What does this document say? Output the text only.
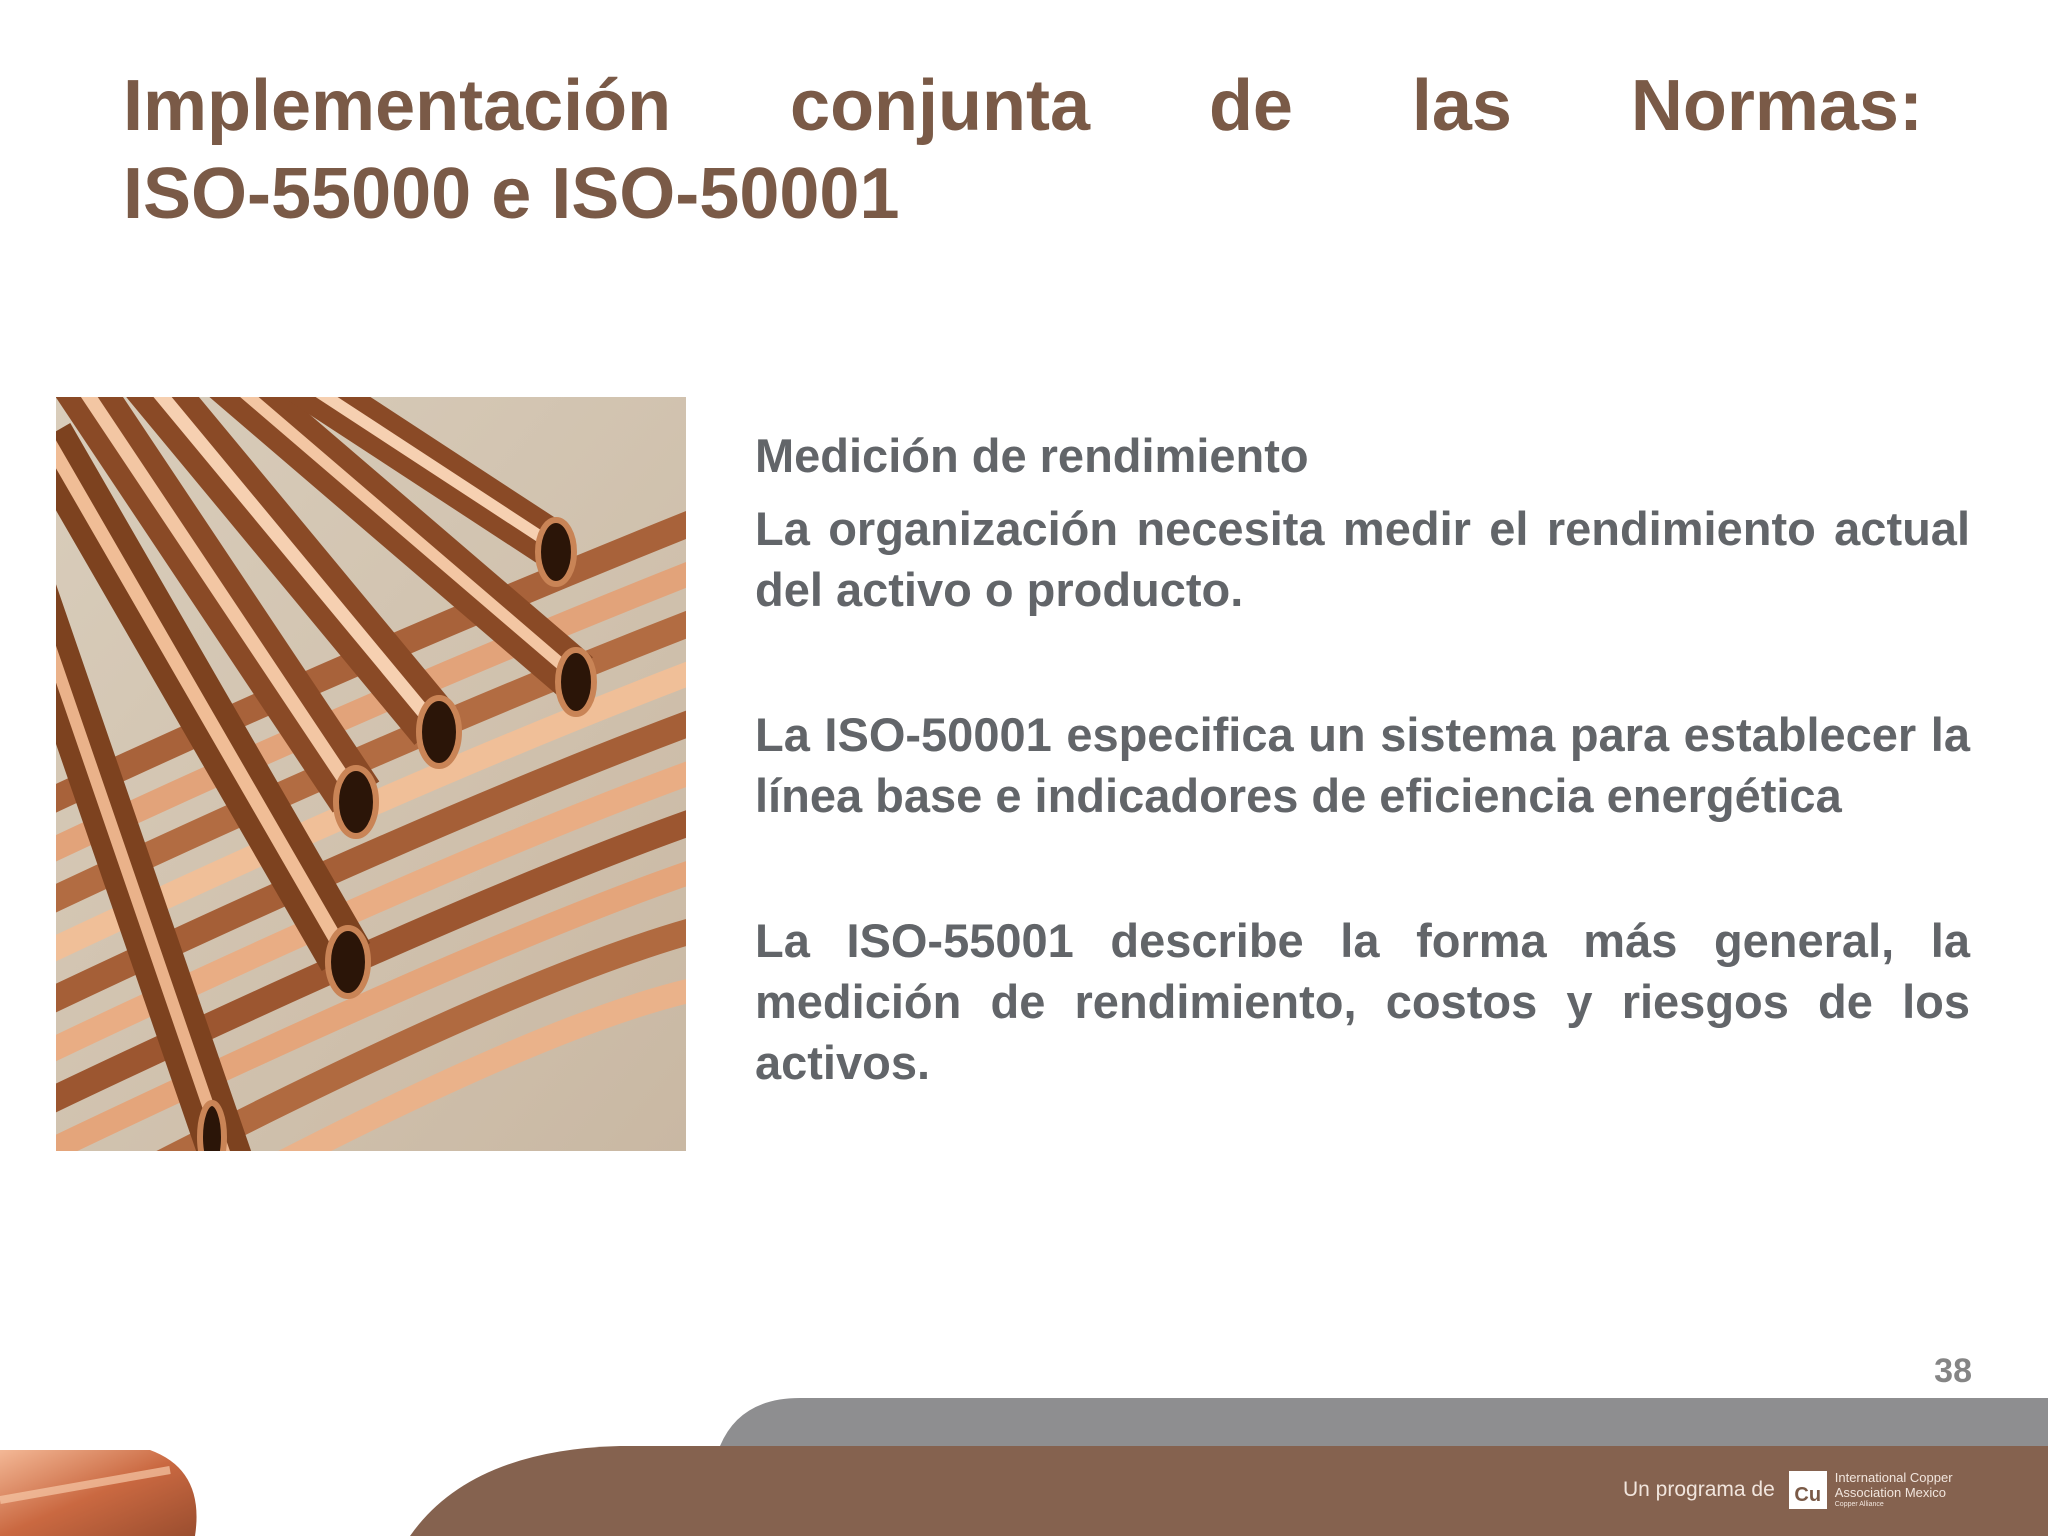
Implementación conjunta de las Normas:
ISO-55000 e ISO-50001

Medición de rendimiento

La organización necesita medir el rendimiento actual del activo o producto.

La ISO-50001 especifica un sistema para establecer la línea base e indicadores de eficiencia energética

La ISO-55001 describe la forma más general, la medición de rendimiento, costos y riesgos de los activos.

38
Un programa de Cu
International Copper
Association Mexico
Copper Alliance
